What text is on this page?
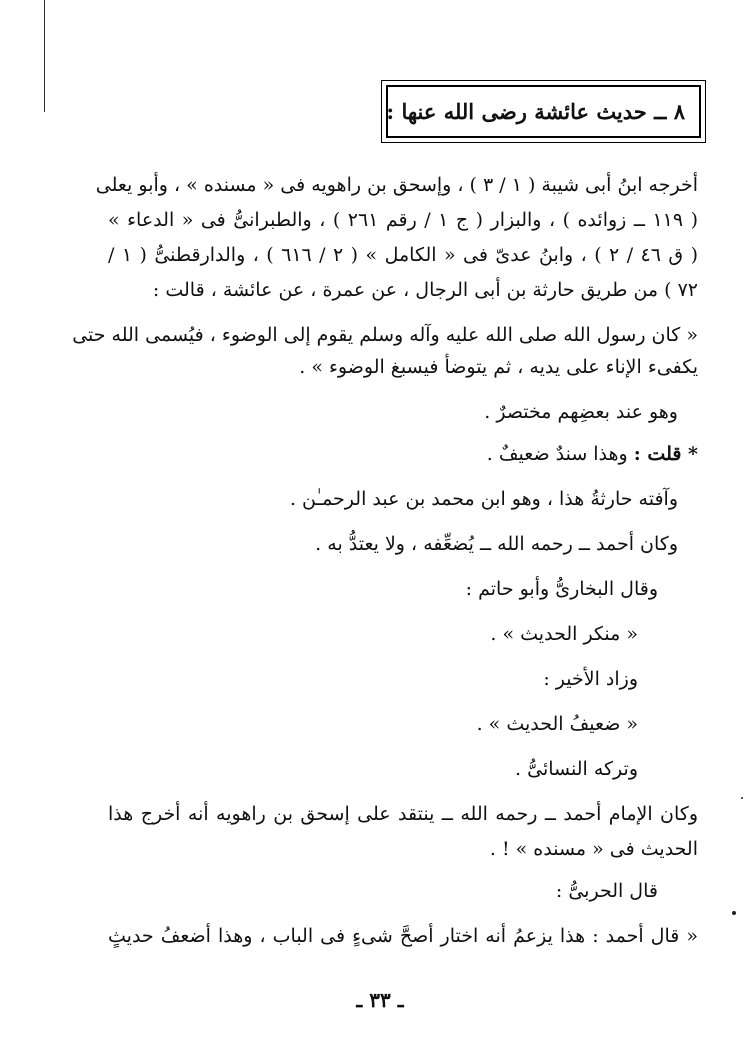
٨ ــ حديث عائشة رضى الله عنها :
أخرجه ابنُ أبى شيبة ( ١ / ٣ ) ، وإسحق بن راهويه فى « مسنده » ، وأبو يعلى
( ١١٩ ــ زوائده ) ، والبزار ( ج ١ / رقم ٢٦١ ) ، والطبرانىُّ فى « الدعاء »
( ق ٤٦ / ٢ ) ، وابنُ عدىّ فى « الكامل » ( ٢ / ٦١٦ ) ، والدارقطنىُّ ( ١ /
٧٢ ) من طريق حارثة بن أبى الرجال ، عن عمرة ، عن عائشة ، قالت :
« كان رسول الله صلى الله عليه وآله وسلم يقوم إلى الوضوء ، فيُسمى الله حتى
يكفىء الإناء على يديه ، ثم يتوضأ فيسبغ الوضوء » .
وهو عند بعضِهم مختصرٌ .
* قلت : وهذا سندٌ ضعيفٌ .
وآفته حارثةُ هذا ، وهو ابن محمد بن عبد الرحمـٰن .
وكان أحمد ــ رحمه الله ــ يُضعِّفه ، ولا يعتدُّ به .
وقال البخارىُّ وأبو حاتم :
« منكر الحديث » .
وزاد الأخير :
« ضعيفُ الحديث » .
وتركه النسائىُّ .
وكان الإمام أحمد ــ رحمه الله ــ ينتقد على إسحق بن راهويه أنه أخرج هذا
الحديث فى « مسنده » ! .
قال الحربىُّ :
« قال أحمد : هذا يزعمُ أنه اختار أصحَّ شىءٍ فى الباب ، وهذا أضعفُ حديثٍ
ـ ٣٣ ـ
